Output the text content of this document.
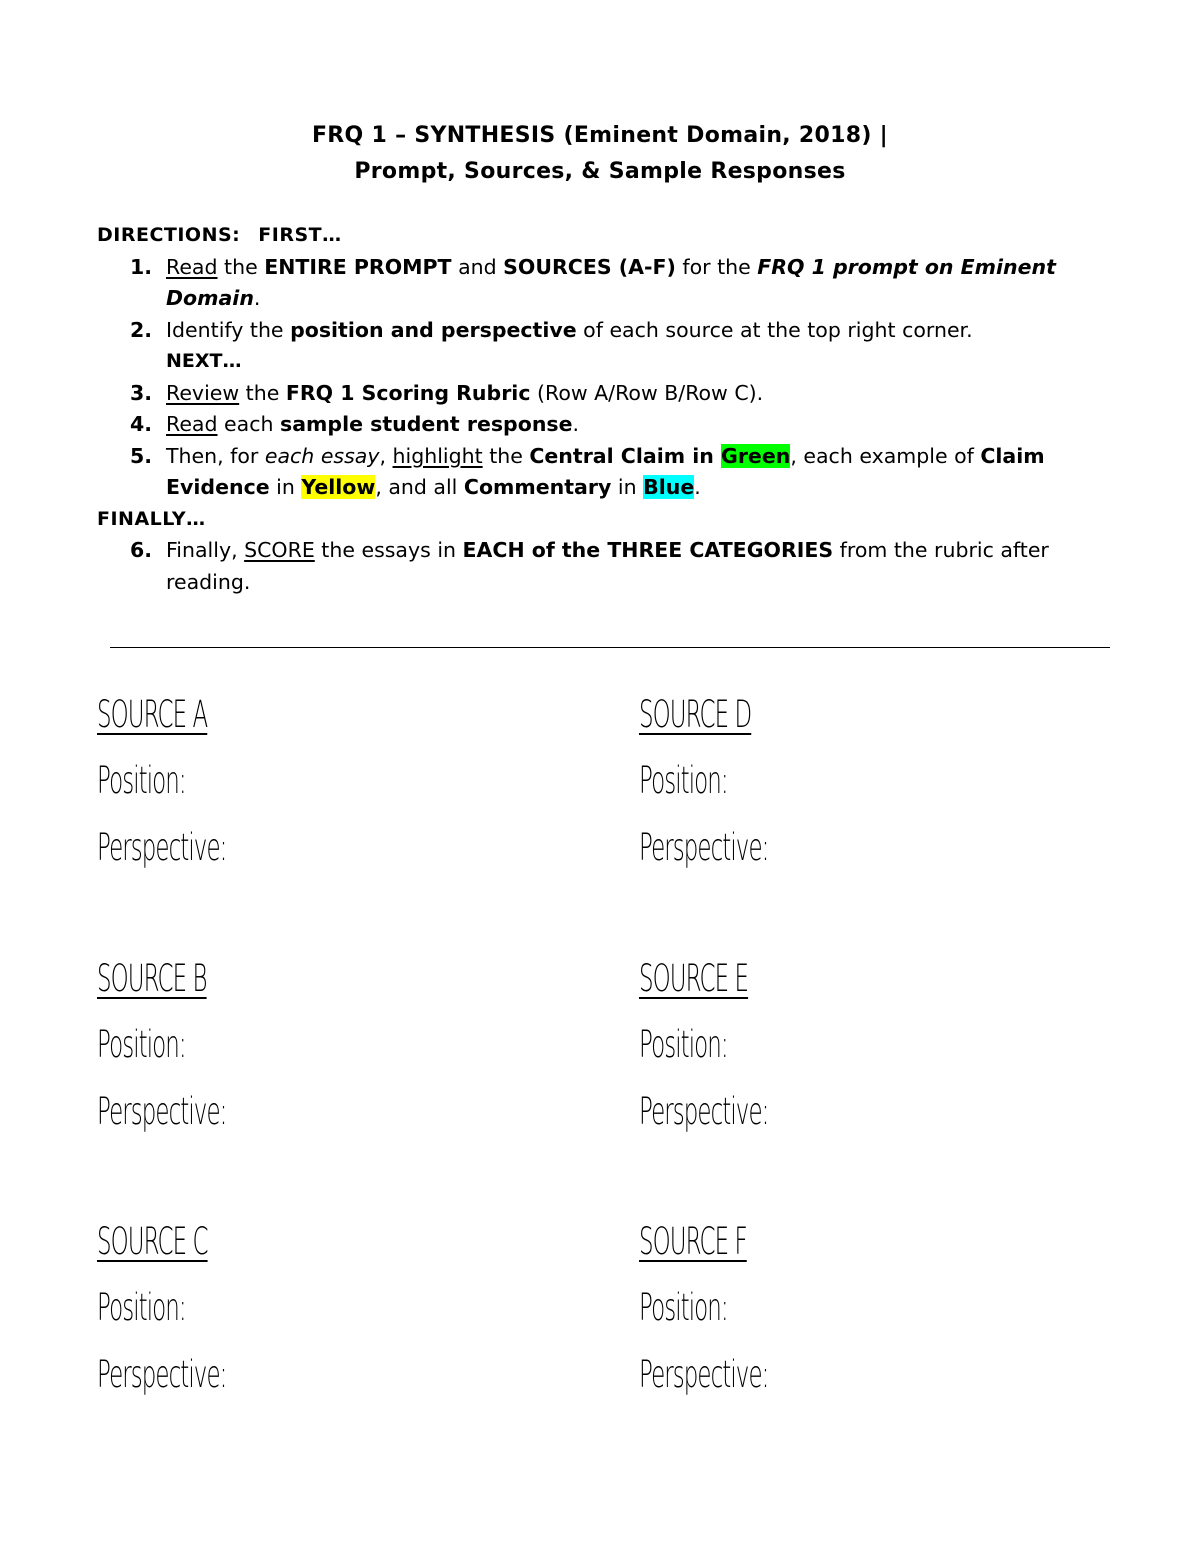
FRQ 1 – SYNTHESIS (Eminent Domain, 2018) |
Prompt, Sources, & Sample Responses
DIRECTIONS: FIRST…
1. Read the ENTIRE PROMPT and SOURCES (A-F) for the FRQ 1 prompt on Eminent Domain.
2. Identify the position and perspective of each source at the top right corner.
NEXT…
3. Review the FRQ 1 Scoring Rubric (Row A/Row B/Row C).
4. Read each sample student response.
5. Then, for each essay, highlight the Central Claim in Green, each example of Claim Evidence in Yellow, and all Commentary in Blue.
FINALLY…
6. Finally, SCORE the essays in EACH of the THREE CATEGORIES from the rubric after reading.
SOURCE A
Position:
Perspective:
SOURCE D
Position:
Perspective:
SOURCE B
Position:
Perspective:
SOURCE E
Position:
Perspective:
SOURCE C
Position:
Perspective:
SOURCE F
Position:
Perspective:
